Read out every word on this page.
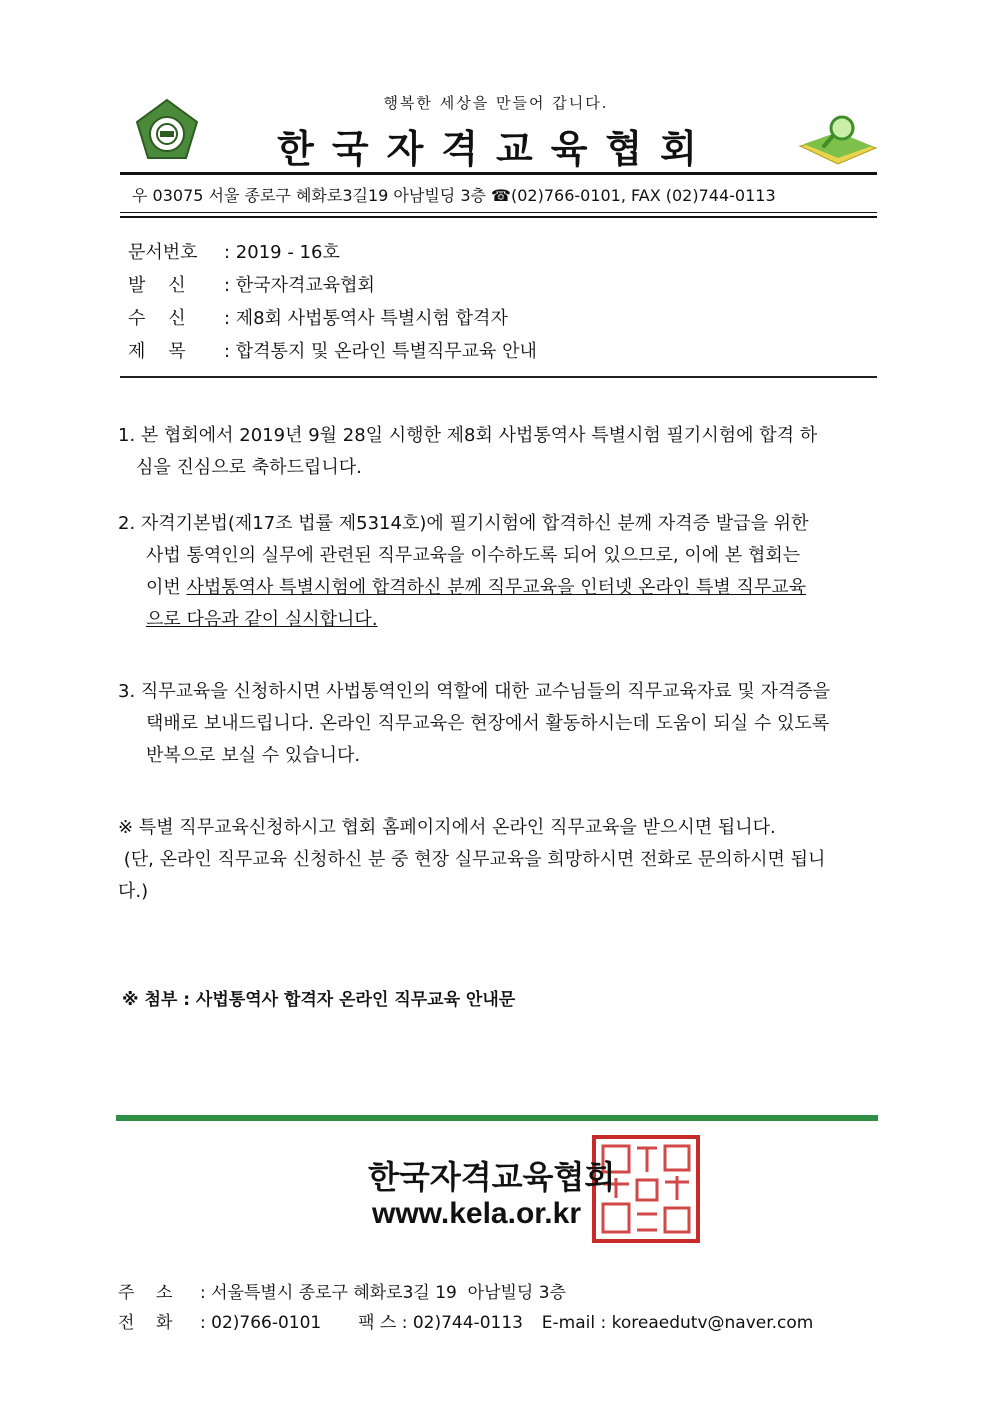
행복한 세상을 만들어 갑니다.
한국자격교육협회
우 03075 서울 종로구 혜화로3길19 아남빌딩 3층 ☎(02)766-0101, FAX (02)744-0113
문서번호 : 2019 - 16호
발    신 : 한국자격교육협회
수    신 : 제8회 사법통역사 특별시험 합격자
제    목 : 합격통지 및 온라인 특별직무교육 안내
1. 본 협회에서 2019년 9월 28일 시행한 제8회 사법통역사 특별시험 필기시험에 합격 하
심을 진심으로 축하드립니다.
2. 자격기본법(제17조 법률 제5314호)에 필기시험에 합격하신 분께 자격증 발급을 위한
사법 통역인의 실무에 관련된 직무교육을 이수하도록 되어 있으므로, 이에 본 협회는
이번 사법통역사 특별시험에 합격하신 분께 직무교육을 인터넷 온라인 특별 직무교육
으로 다음과 같이 실시합니다.
3. 직무교육을 신청하시면 사법통역인의 역할에 대한 교수님들의 직무교육자료 및 자격증을
택배로 보내드립니다. 온라인 직무교육은 현장에서 활동하시는데 도움이 되실 수 있도록
반복으로 보실 수 있습니다.
※ 특별 직무교육신청하시고 협회 홈페이지에서 온라인 직무교육을 받으시면 됩니다.
(단, 온라인 직무교육 신청하신 분 중 현장 실무교육을 희망하시면 전화로 문의하시면 됩니
다.)
※ 첨부 : 사법통역사 합격자 온라인 직무교육 안내문
한국자격교육협회
www.kela.or.kr
주    소 : 서울특별시 종로구 혜화로3길 19  아남빌딩 3층
전    화 : 02)766-0101 팩 스 : 02)744-0113 E-mail : koreaedutv@naver.com
